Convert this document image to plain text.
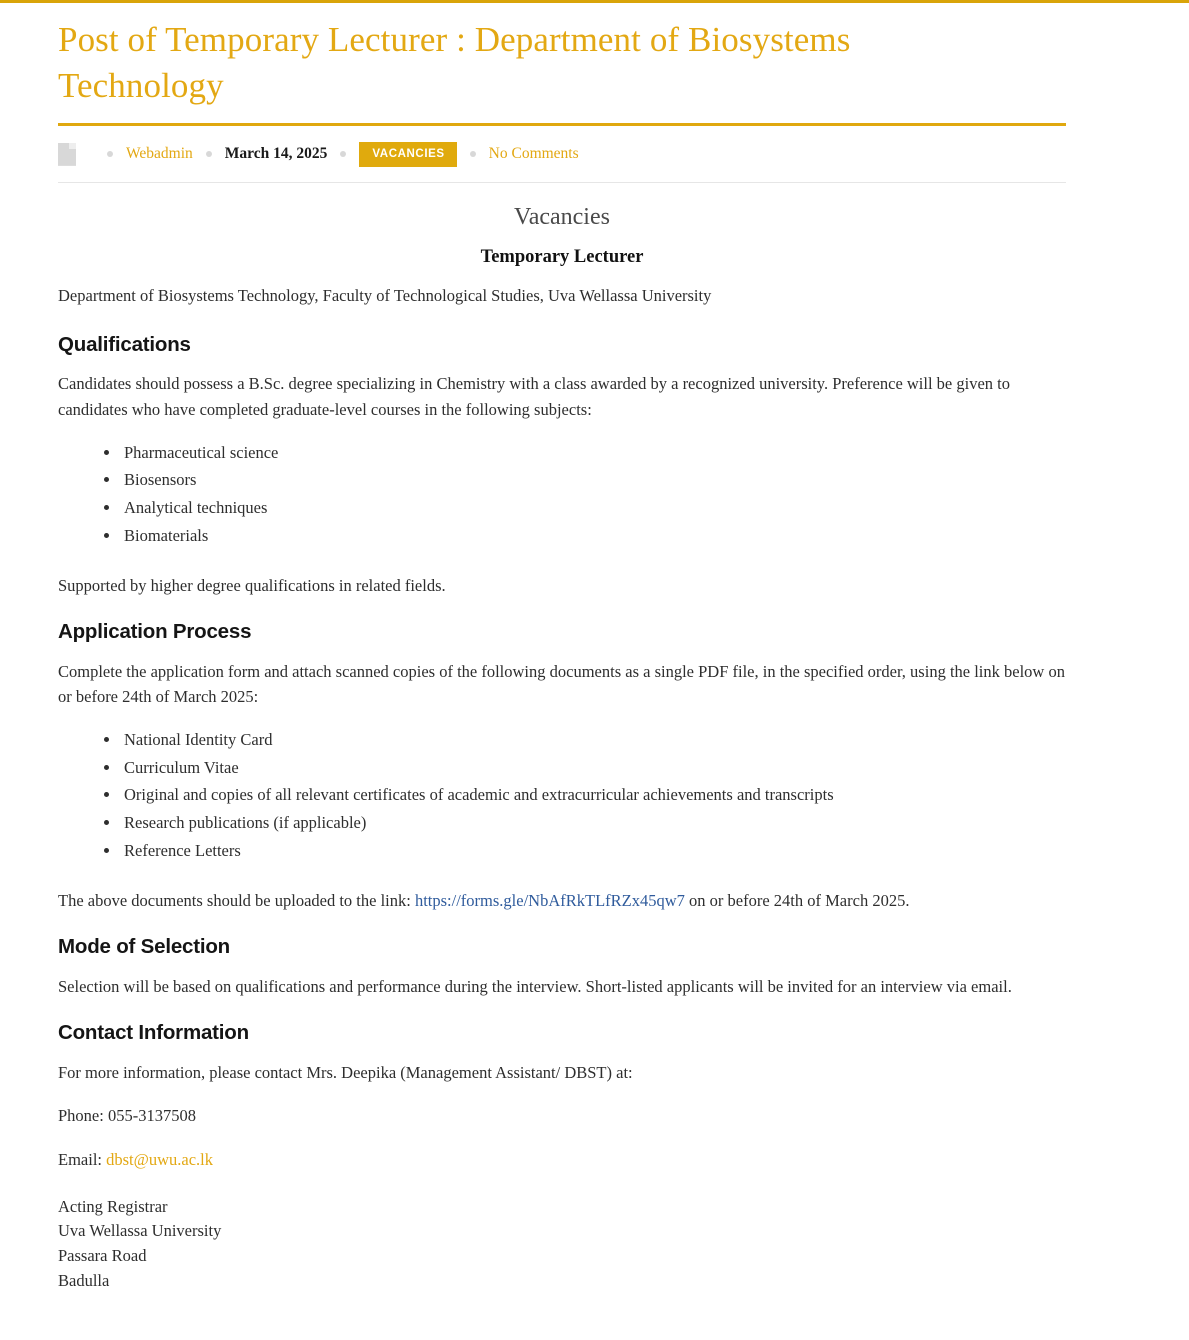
Post of Temporary Lecturer : Department of Biosystems Technology
Webadmin March 14, 2025	VACANCIES	No Comments

Vacancies

Temporary Lecturer

Department of Biosystems Technology, Faculty of Technological Studies, Uva Wellassa University

Qualifications

Candidates should possess a B.Sc. degree specializing in Chemistry with a class awarded by a recognized university. Preference will be given to candidates who have completed graduate-level courses in the following subjects:

• Pharmaceutical science
• Biosensors
• Analytical techniques
• Biomaterials

Supported by higher degree qualifications in related fields.

Application Process

Complete the application form and attach scanned copies of the following documents as a single PDF file, in the specified order, using the link below on or before 24th of March 2025:

• National Identity Card
• Curriculum Vitae
• Original and copies of all relevant certificates of academic and extracurricular achievements and transcripts
• Research publications (if applicable)
• Reference Letters

The above documents should be uploaded to the link: https://forms.gle/NbAfRkTLfRZx45qw7 on or before 24th of March 2025.

Mode of Selection

Selection will be based on qualifications and performance during the interview. Short-listed applicants will be invited for an interview via email.

Contact Information

For more information, please contact Mrs. Deepika (Management Assistant/ DBST) at:

Phone: 055-3137508

Email: dbst@uwu.ac.lk

Acting Registrar
Uva Wellassa University
Passara Road
Badulla
